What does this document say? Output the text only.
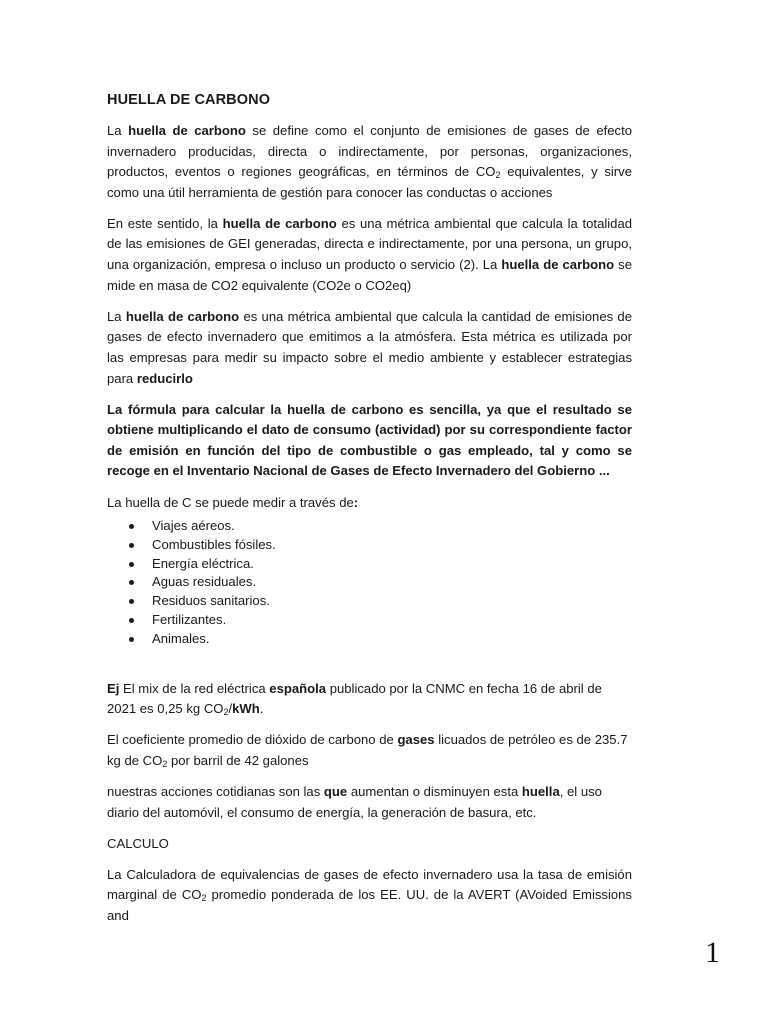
HUELLA DE CARBONO

La huella de carbono se define como el conjunto de emisiones de gases de efecto invernadero producidas, directa o indirectamente, por personas, organizaciones, productos, eventos o regiones geográficas, en términos de $CO_2$ equivalentes, y sirve como una útil herramienta de gestión para conocer las conductas o acciones

En este sentido, la huella de carbono es una métrica ambiental que calcula la totalidad de las emisiones de GEI generadas, directa e indirectamente, por una persona, un grupo, una organización, empresa o incluso un producto o servicio (2). La huella de carbono se mide en masa de CO2 equivalente (CO2e o CO2eq)

La huella de carbono es una métrica ambiental que calcula la cantidad de emisiones de gases de efecto invernadero que emitimos a la atmósfera. Esta métrica es utilizada por las empresas para medir su impacto sobre el medio ambiente y establecer estrategias para reducirlo

La fórmula para calcular la huella de carbono es sencilla, ya que el resultado se obtiene multiplicando el dato de consumo (actividad) por su correspondiente factor de emisión en función del tipo de combustible o gas empleado, tal y como se recoge en el Inventario Nacional de Gases de Efecto Invernadero del Gobierno ...

La huella de C se puede medir a través de:

Viajes aéreos.
Combustibles fósiles.
Energía eléctrica.
Aguas residuales.
Residuos sanitarios.
Fertilizantes.
Animales.

Ej El mix de la red eléctrica española publicado por la CNMC en fecha 16 de abril de 2021 es 0,25 kg $CO_2$/kWh.

El coeficiente promedio de dióxido de carbono de gases licuados de petróleo es de 235.7 kg de $CO_2$ por barril de 42 galones

nuestras acciones cotidianas son las que aumentan o disminuyen esta huella, el uso diario del automóvil, el consumo de energía, la generación de basura, etc.

CALCULO

La Calculadora de equivalencias de gases de efecto invernadero usa la tasa de emisión marginal de $CO_2$ promedio ponderada de los EE. UU. de la AVERT (AVoided Emissions and

1
